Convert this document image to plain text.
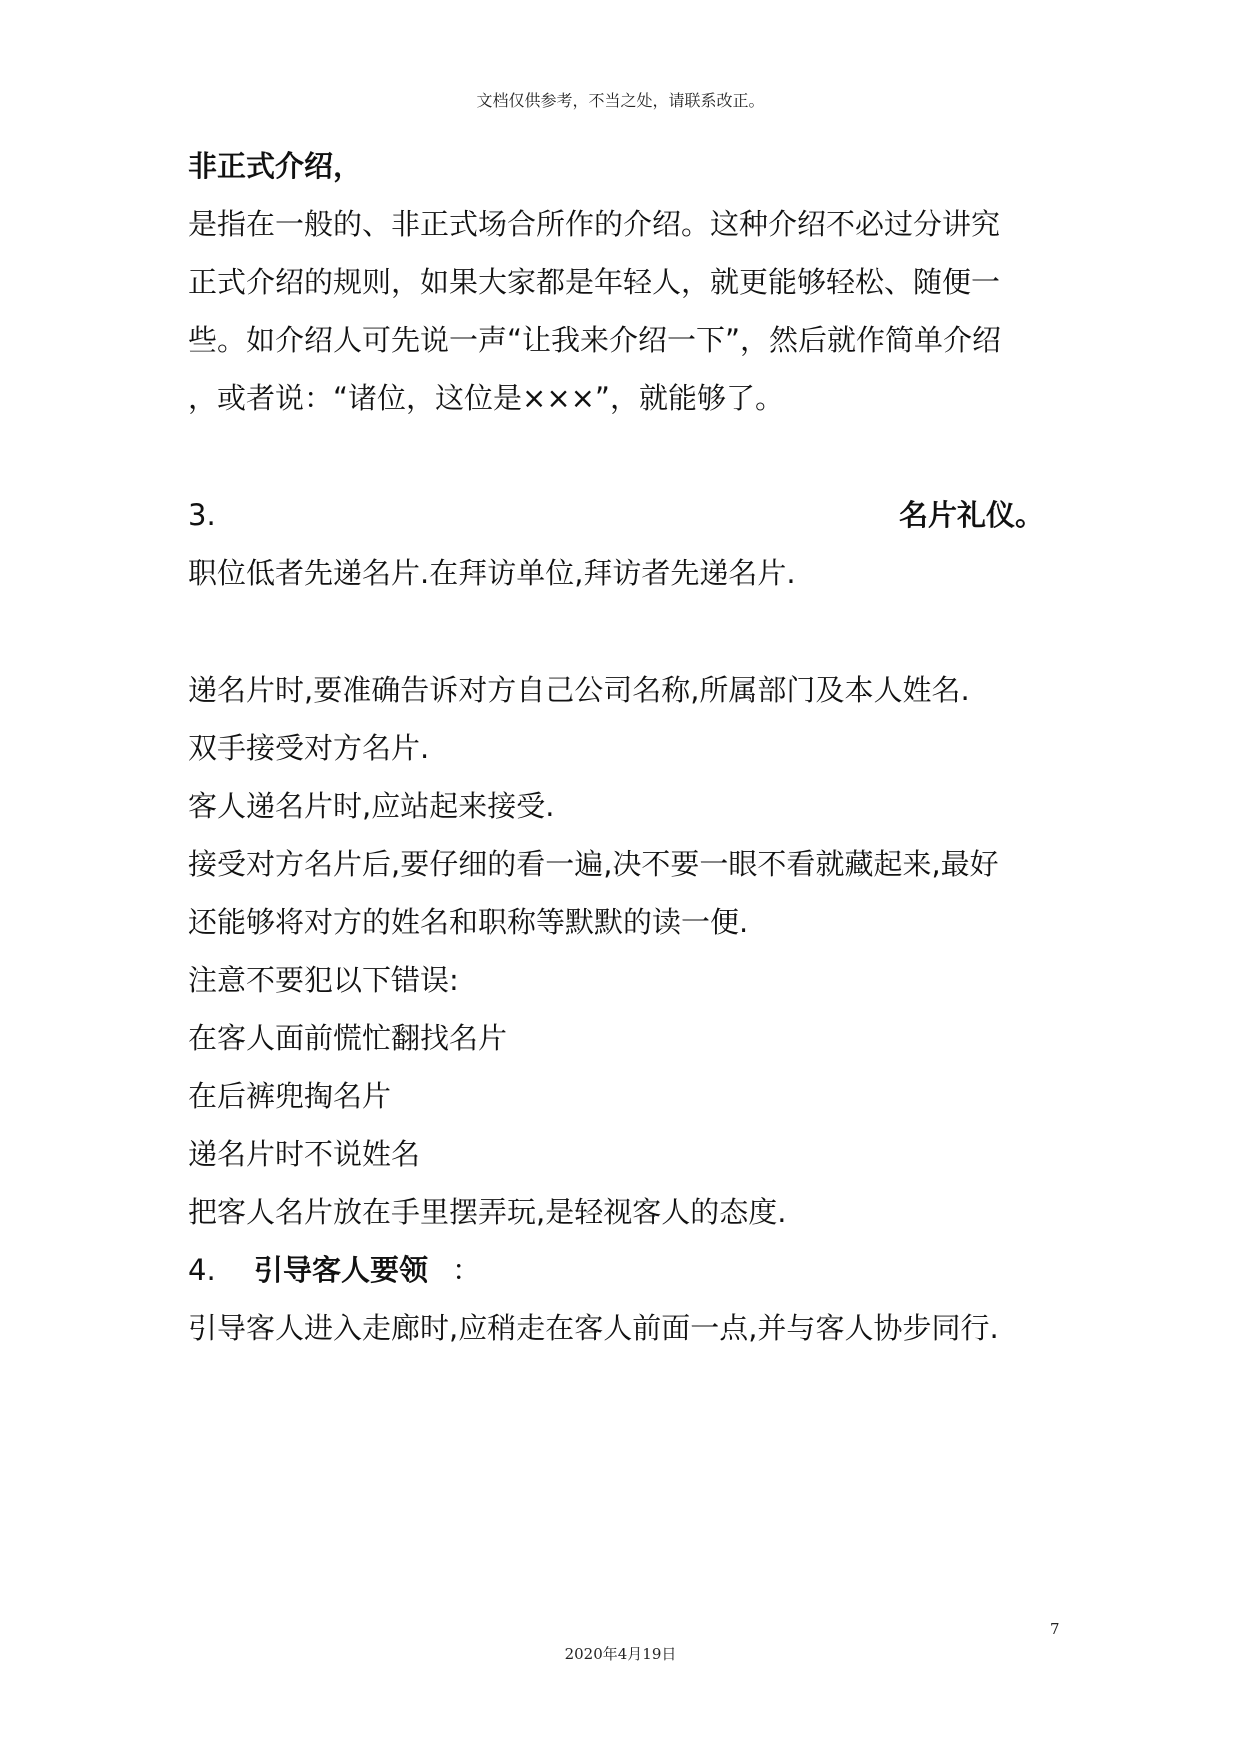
文档仅供参考，不当之处，请联系改正。
非正式介绍，
是指在一般的、非正式场合所作的介绍。这种介绍不必过分讲究
正式介绍的规则，如果大家都是年轻人，就更能够轻松、随便一
些。如介绍人可先说一声“让我来介绍一下”，然后就作简单介绍
，或者说：“诸位，这位是×××”，就能够了。
3.	名片礼仪。
职位低者先递名片.在拜访单位,拜访者先递名片.
递名片时,要准确告诉对方自己公司名称,所属部门及本人姓名.
双手接受对方名片.
客人递名片时,应站起来接受.
接受对方名片后,要仔细的看一遍,决不要一眼不看就藏起来,最好
还能够将对方的姓名和职称等默默的读一便.
注意不要犯以下错误:
在客人面前慌忙翻找名片
在后裤兜掏名片
递名片时不说姓名
把客人名片放在手里摆弄玩,是轻视客人的态度.
4. 引导客人要领 ：
引导客人进入走廊时,应稍走在客人前面一点,并与客人协步同行.
7
2020年4月19日
